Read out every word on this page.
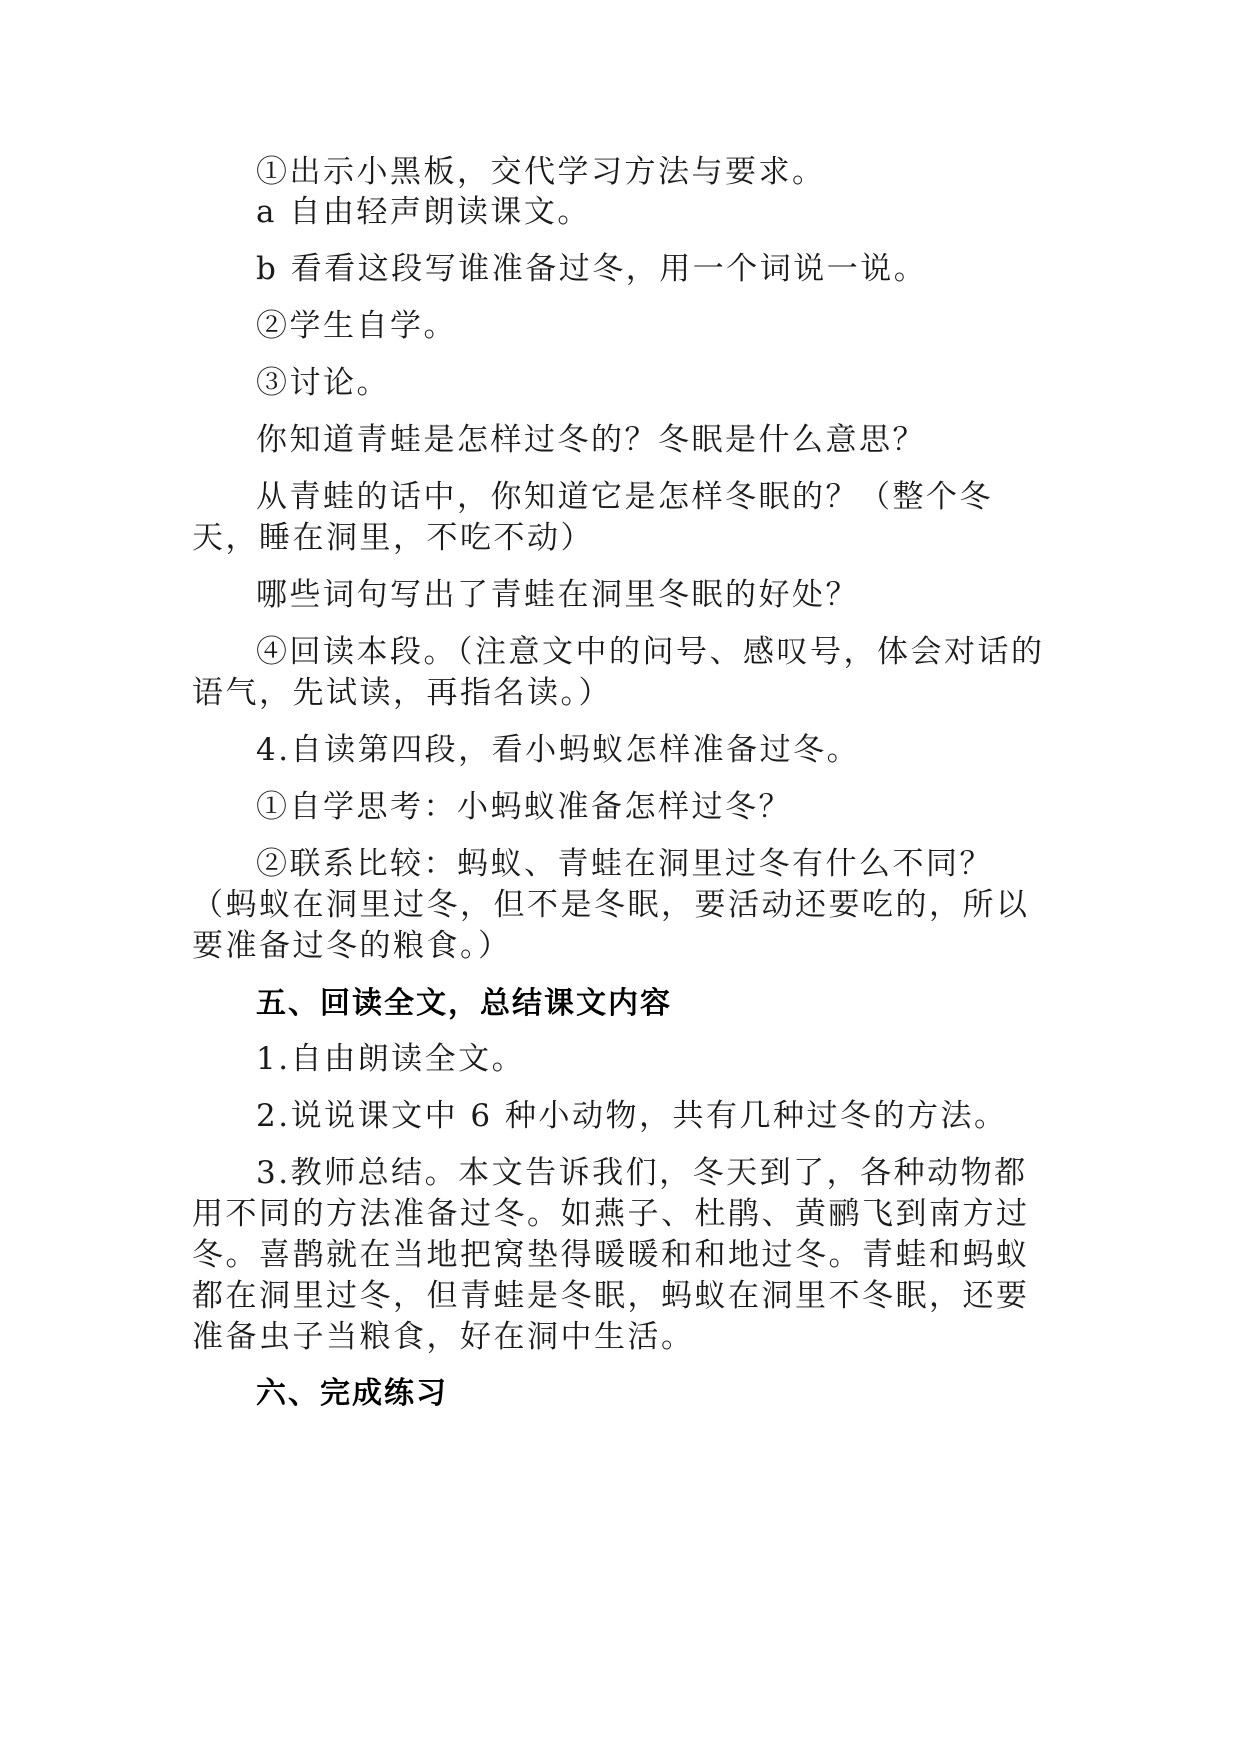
①出示小黑板，交代学习方法与要求。

a 自由轻声朗读课文。

b 看看这段写谁准备过冬，用一个词说一说。

②学生自学。

③讨论。

你知道青蛙是怎样过冬的？冬眠是什么意思？

从青蛙的话中，你知道它是怎样冬眠的？（整个冬天，睡在洞里，不吃不动）

哪些词句写出了青蛙在洞里冬眠的好处？

④回读本段。（注意文中的问号、感叹号，体会对话的语气，先试读，再指名读。）

4.自读第四段，看小蚂蚁怎样准备过冬。

①自学思考：小蚂蚁准备怎样过冬？

②联系比较：蚂蚁、青蛙在洞里过冬有什么不同？（蚂蚁在洞里过冬，但不是冬眠，要活动还要吃的，所以要准备过冬的粮食。）

五、回读全文，总结课文内容

1.自由朗读全文。

2.说说课文中 6 种小动物，共有几种过冬的方法。

3.教师总结。本文告诉我们，冬天到了，各种动物都用不同的方法准备过冬。如燕子、杜鹃、黄鹂飞到南方过冬。喜鹊就在当地把窝垫得暖暖和和地过冬。青蛙和蚂蚁都在洞里过冬，但青蛙是冬眠，蚂蚁在洞里不冬眠，还要准备虫子当粮食，好在洞中生活。

六、完成练习
